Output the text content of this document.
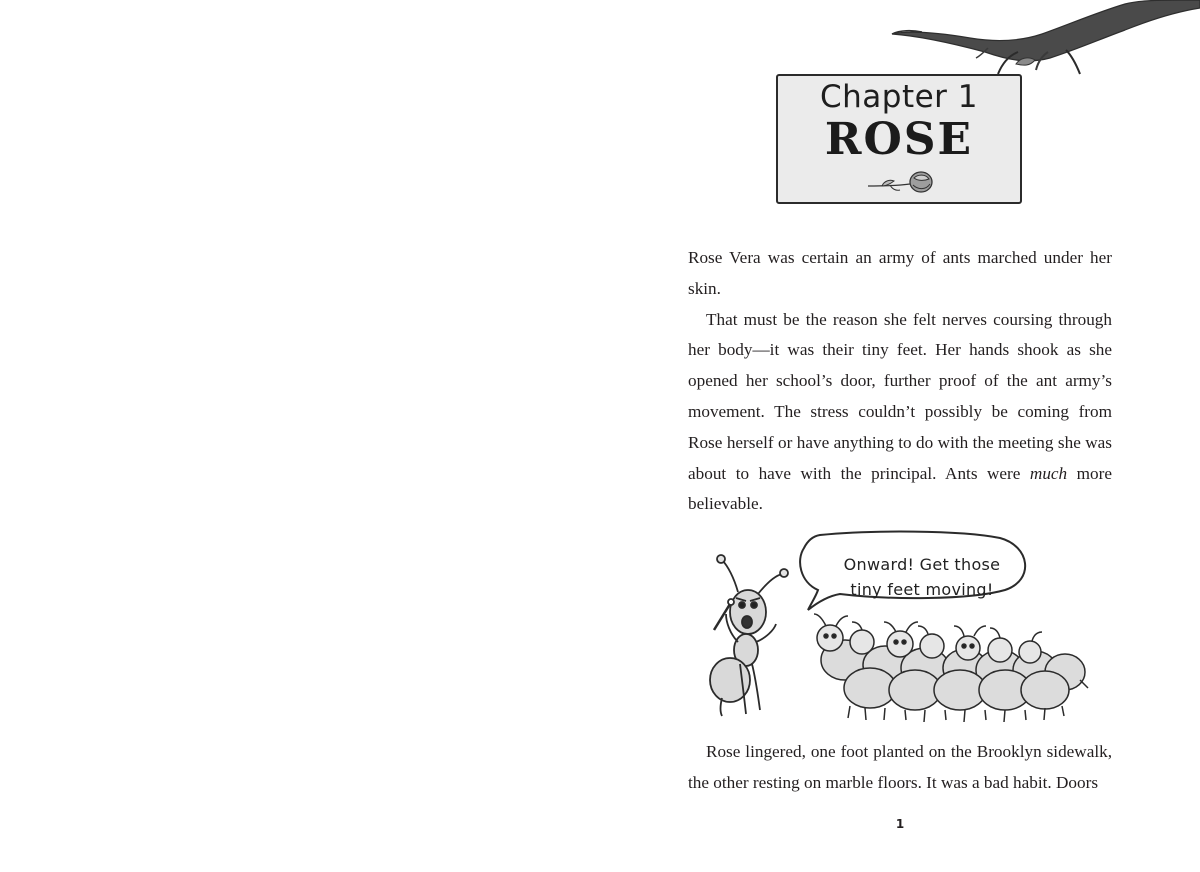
Chapter 1
ROSE

Rose Vera was certain an army of ants marched under her skin.

That must be the reason she felt nerves coursing through her body—it was their tiny feet. Her hands shook as she opened her school’s door, further proof of the ant army’s movement. The stress couldn’t possibly be coming from Rose herself or have anything to do with the meeting she was about to have with the principal. Ants were much more believable.

Onward! Get those
tiny feet moving!

Rose lingered, one foot planted on the Brooklyn sidewalk, the other resting on marble floors. It was a bad habit. Doors

1
